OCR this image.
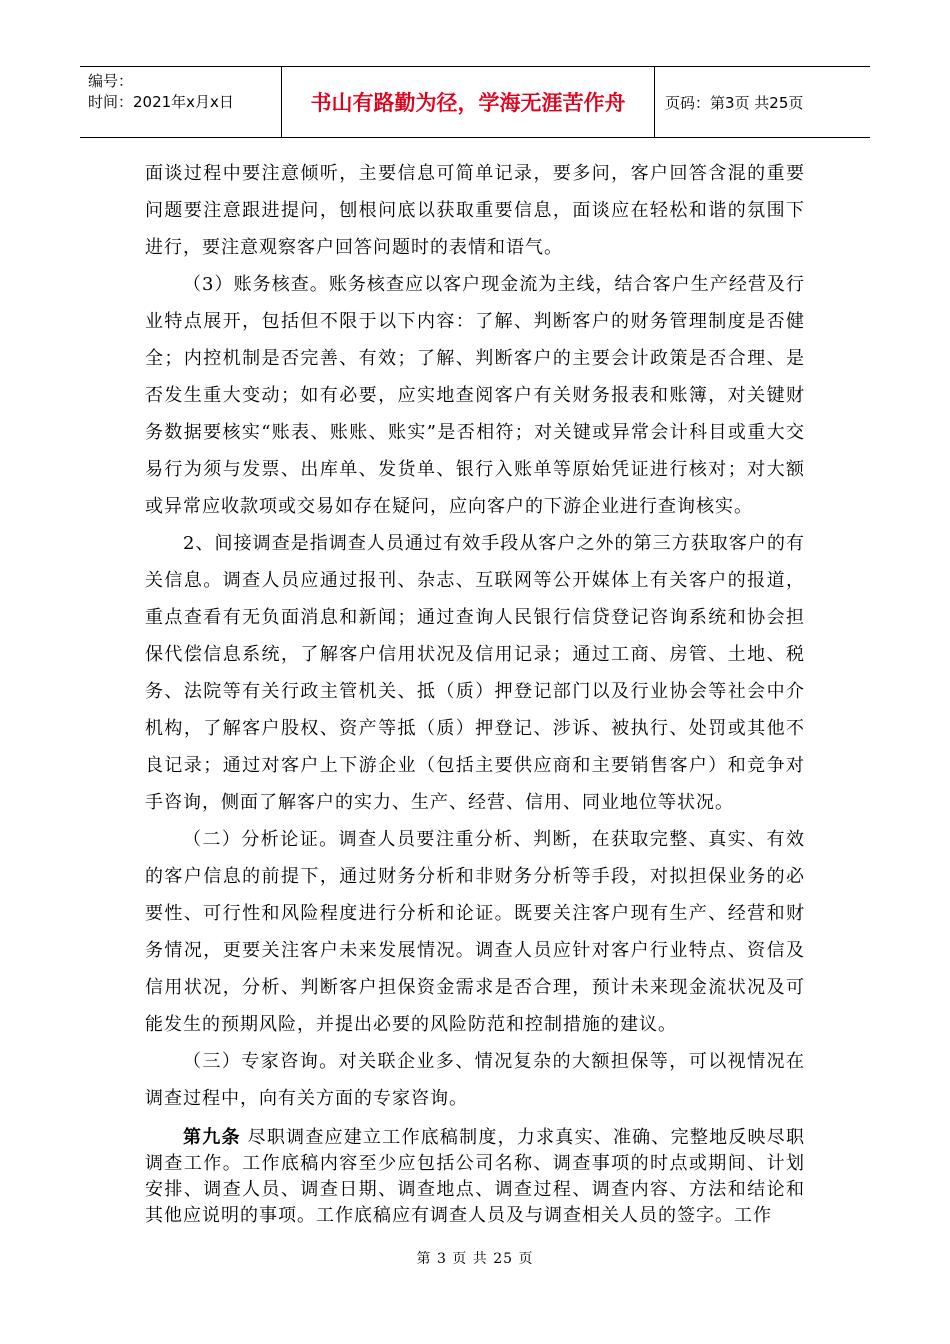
编号：
时间：2021年x月x日	书山有路勤为径，学海无涯苦作舟	页码：第3页 共25页

面谈过程中要注意倾听，主要信息可简单记录，要多问，客户回答含混的重要问题要注意跟进提问，刨根问底以获取重要信息，面谈应在轻松和谐的氛围下进行，要注意观察客户回答问题时的表情和语气。

（3）账务核查。账务核查应以客户现金流为主线，结合客户生产经营及行业特点展开，包括但不限于以下内容：了解、判断客户的财务管理制度是否健全；内控机制是否完善、有效；了解、判断客户的主要会计政策是否合理、是否发生重大变动；如有必要，应实地查阅客户有关财务报表和账簿，对关键财务数据要核实“账表、账账、账实”是否相符；对关键或异常会计科目或重大交易行为须与发票、出库单、发货单、银行入账单等原始凭证进行核对；对大额或异常应收款项或交易如存在疑问，应向客户的下游企业进行查询核实。

2、间接调查是指调查人员通过有效手段从客户之外的第三方获取客户的有关信息。调查人员应通过报刊、杂志、互联网等公开媒体上有关客户的报道，重点查看有无负面消息和新闻；通过查询人民银行信贷登记咨询系统和协会担保代偿信息系统，了解客户信用状况及信用记录；通过工商、房管、土地、税务、法院等有关行政主管机关、抵（质）押登记部门以及行业协会等社会中介机构，了解客户股权、资产等抵（质）押登记、涉诉、被执行、处罚或其他不良记录；通过对客户上下游企业（包括主要供应商和主要销售客户）和竞争对手咨询，侧面了解客户的实力、生产、经营、信用、同业地位等状况。

（二）分析论证。调查人员要注重分析、判断，在获取完整、真实、有效的客户信息的前提下，通过财务分析和非财务分析等手段，对拟担保业务的必要性、可行性和风险程度进行分析和论证。既要关注客户现有生产、经营和财务情况，更要关注客户未来发展情况。调查人员应针对客户行业特点、资信及信用状况，分析、判断客户担保资金需求是否合理，预计未来现金流状况及可能发生的预期风险，并提出必要的风险防范和控制措施的建议。

（三）专家咨询。对关联企业多、情况复杂的大额担保等，可以视情况在调查过程中，向有关方面的专家咨询。

第九条 尽职调查应建立工作底稿制度，力求真实、准确、完整地反映尽职调查工作。工作底稿内容至少应包括公司名称、调查事项的时点或期间、计划安排、调查人员、调查日期、调查地点、调查过程、调查内容、方法和结论和其他应说明的事项。工作底稿应有调查人员及与调查相关人员的签字。工作

第 3 页 共 25 页
